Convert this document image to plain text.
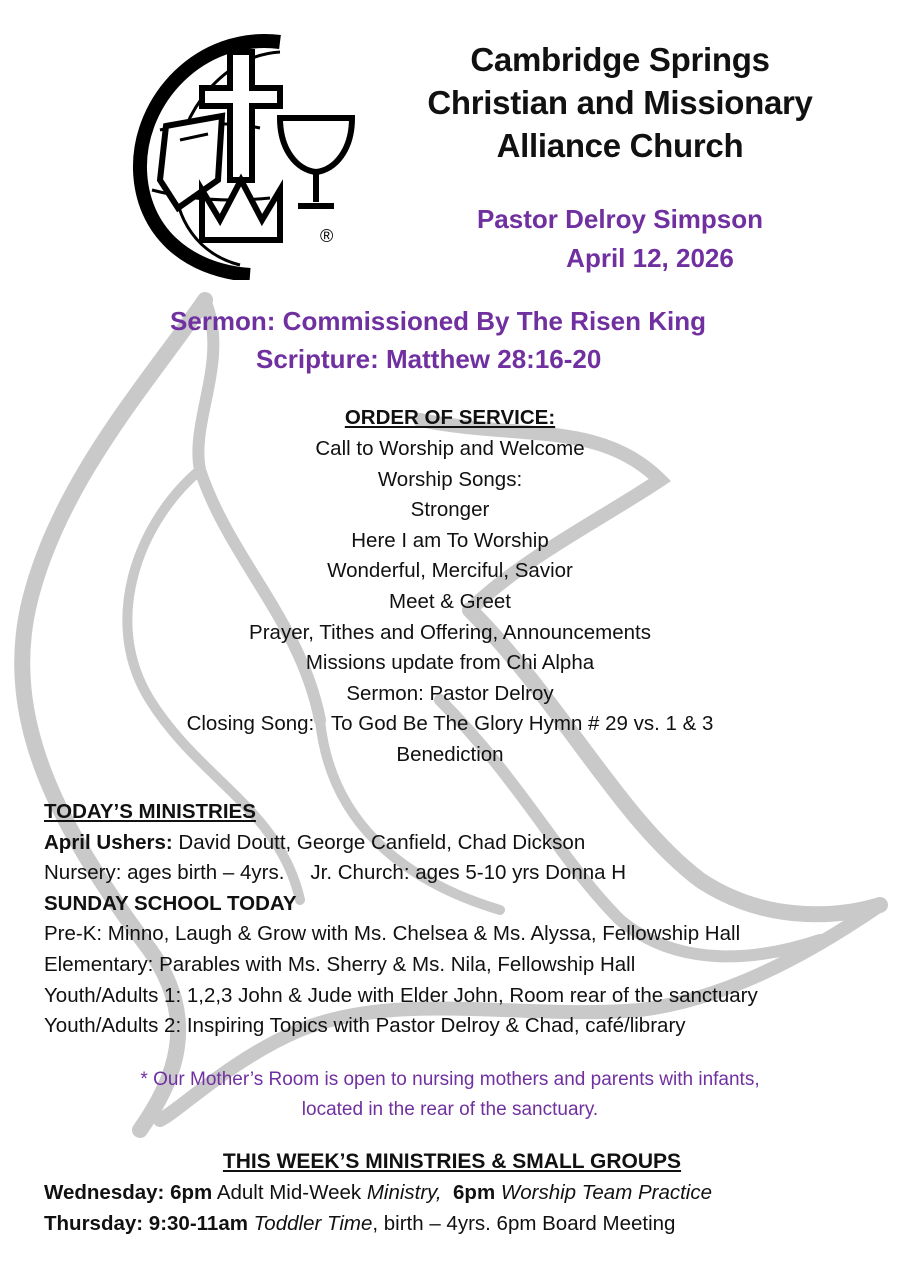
®
Cambridge Springs
Christian and Missionary
Alliance Church
Pastor Delroy Simpson
April 12, 2026
Sermon: Commissioned By The Risen King
Scripture: Matthew 28:16-20
ORDER OF SERVICE:
Call to Worship and Welcome
Worship Songs:
Stronger
Here I am To Worship
Wonderful, Merciful, Savior
Meet & Greet
Prayer, Tithes and Offering, Announcements
Missions update from Chi Alpha
Sermon: Pastor Delroy
Closing Song:   To God Be The Glory Hymn # 29 vs. 1 & 3
Benediction
TODAY’S MINISTRIES
April Ushers: David Doutt, George Canfield, Chad Dickson
Nursery: ages birth – 4yrs. Jr. Church: ages 5-10 yrs Donna H
SUNDAY SCHOOL TODAY
Pre-K: Minno, Laugh & Grow with Ms. Chelsea & Ms. Alyssa, Fellowship Hall
Elementary: Parables with Ms. Sherry & Ms. Nila, Fellowship Hall
Youth/Adults 1: 1,2,3 John & Jude with Elder John, Room rear of the sanctuary
Youth/Adults 2: Inspiring Topics with Pastor Delroy & Chad, café/library
* Our Mother’s Room is open to nursing mothers and parents with infants,
located in the rear of the sanctuary.
THIS WEEK’S MINISTRIES & SMALL GROUPS
Wednesday: 6pm Adult Mid-Week Ministry,  6pm Worship Team Practice
Thursday: 9:30-11am Toddler Time, birth – 4yrs. 6pm Board Meeting
